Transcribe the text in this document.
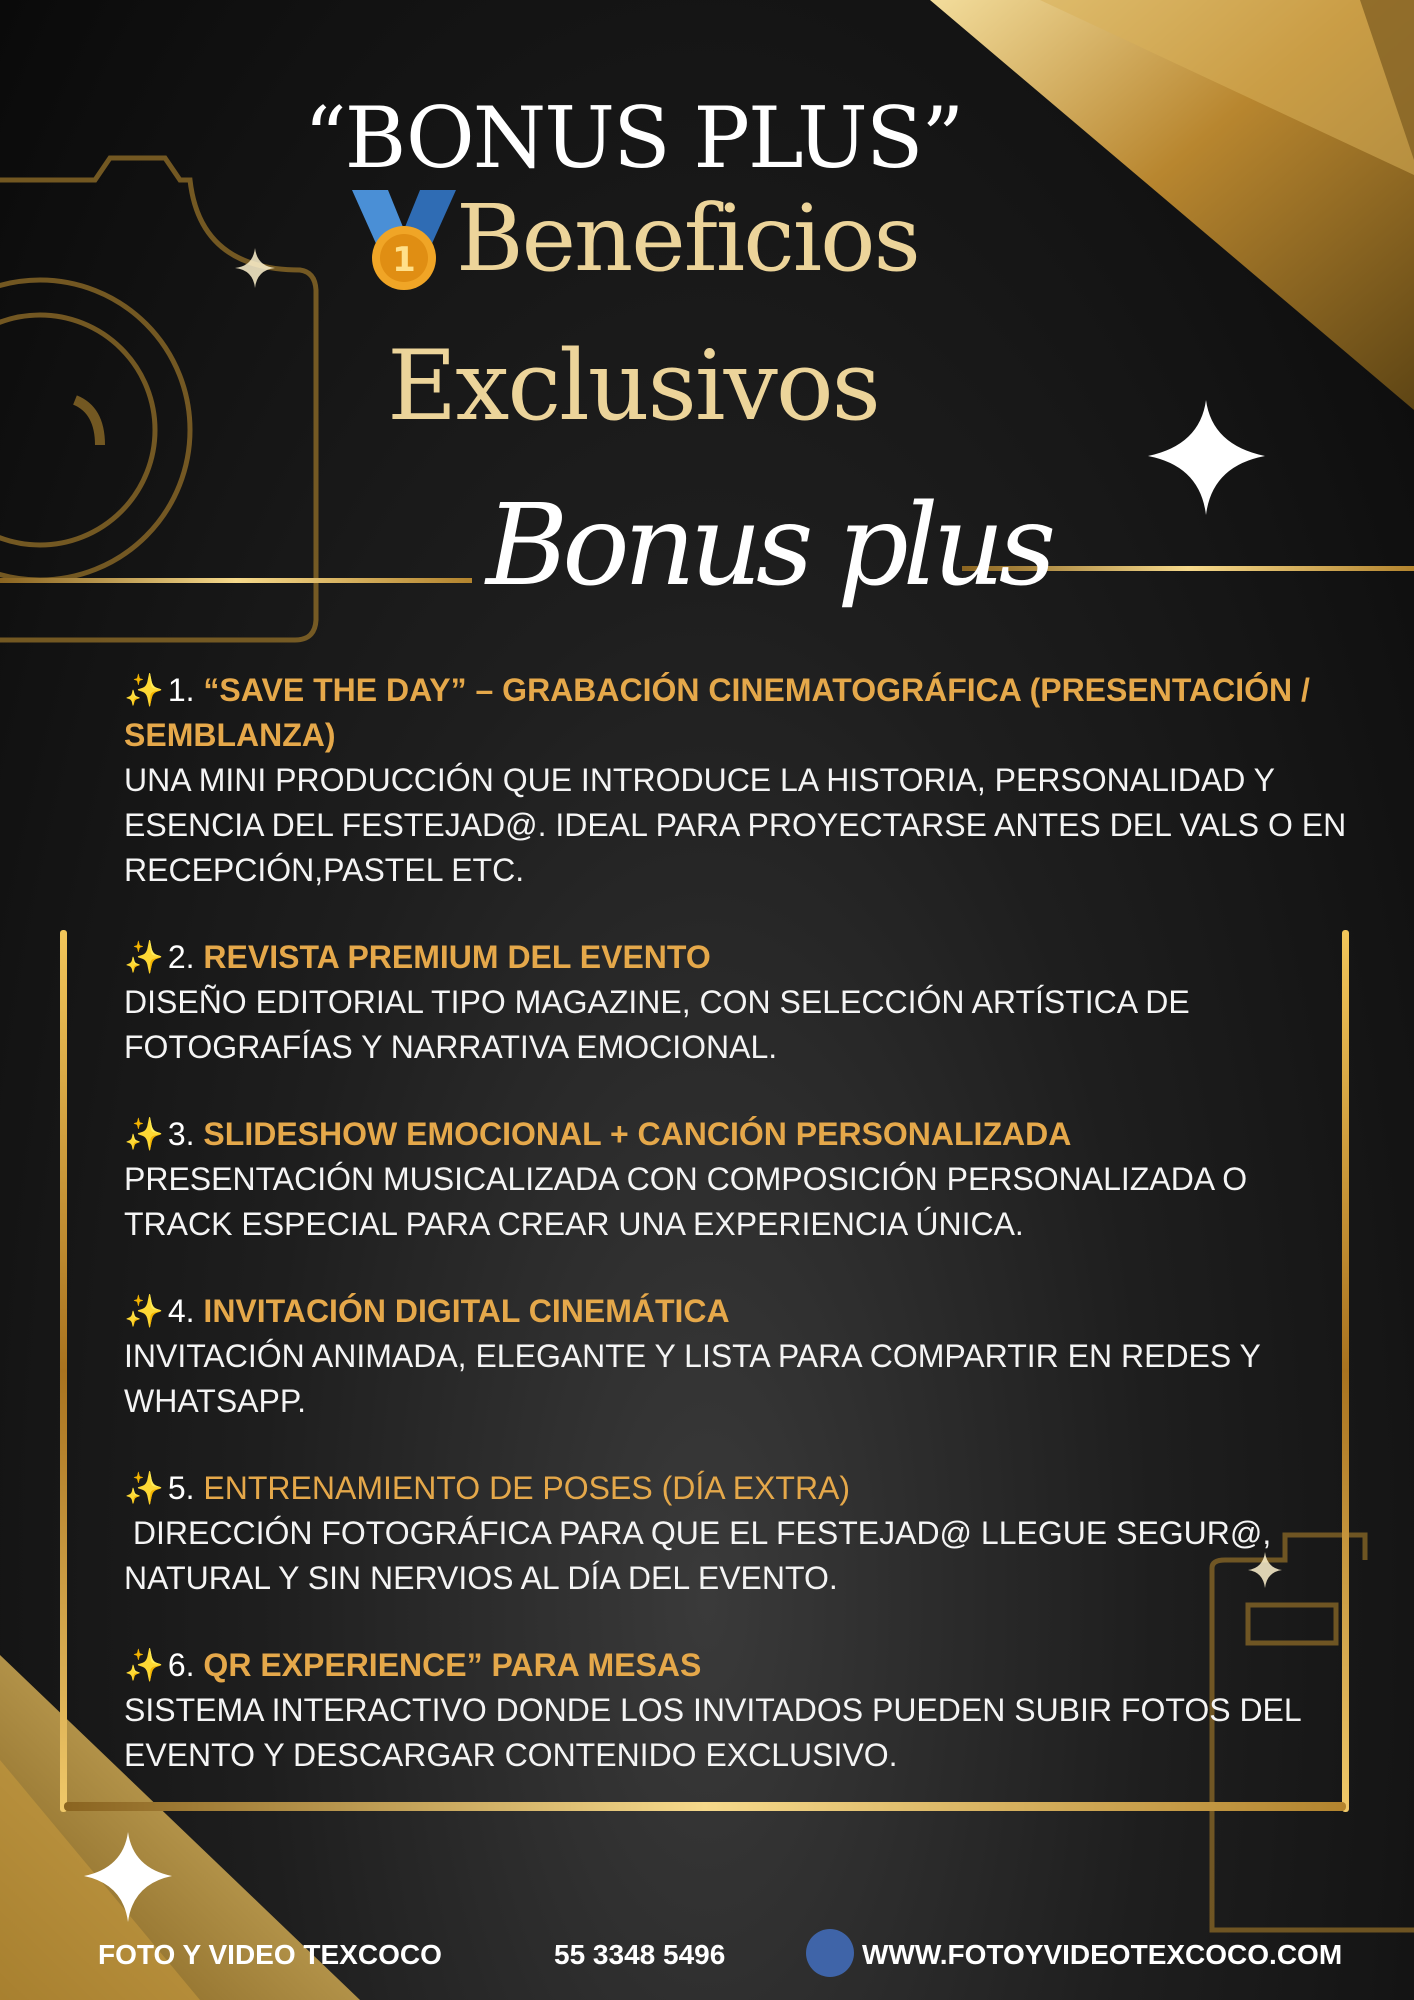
1
“BONUS PLUS”
Beneficios
Exclusivos
Bonus plus
✨ 1. “SAVE THE DAY” – GRABACIÓN CINEMATOGRÁFICA (PRESENTACIÓN / SEMBLANZA)
UNA MINI PRODUCCIÓN QUE INTRODUCE LA HISTORIA, PERSONALIDAD Y ESENCIA DEL FESTEJAD@. IDEAL PARA PROYECTARSE ANTES DEL VALS O EN RECEPCIÓN,PASTEL ETC.
✨ 2. REVISTA PREMIUM DEL EVENTO
DISEÑO EDITORIAL TIPO MAGAZINE, CON SELECCIÓN ARTÍSTICA DE FOTOGRAFÍAS Y NARRATIVA EMOCIONAL.
✨ 3. SLIDESHOW EMOCIONAL + CANCIÓN PERSONALIZADA
PRESENTACIÓN MUSICALIZADA CON COMPOSICIÓN PERSONALIZADA O TRACK ESPECIAL PARA CREAR UNA EXPERIENCIA ÚNICA.
✨ 4. INVITACIÓN DIGITAL CINEMÁTICA
INVITACIÓN ANIMADA, ELEGANTE Y LISTA PARA COMPARTIR EN REDES Y WHATSAPP.
✨ 5. ENTRENAMIENTO DE POSES (DÍA EXTRA)
DIRECCIÓN FOTOGRÁFICA PARA QUE EL FESTEJAD@ LLEGUE SEGUR@, NATURAL Y SIN NERVIOS AL DÍA DEL EVENTO.
✨ 6. QR EXPERIENCE” PARA MESAS
SISTEMA INTERACTIVO DONDE LOS INVITADOS PUEDEN SUBIR FOTOS DEL EVENTO Y DESCARGAR CONTENIDO EXCLUSIVO.
FOTO Y VIDEO TEXCOCO	55 3348 5496	WWW.FOTOYVIDEOTEXCOCO.COM
